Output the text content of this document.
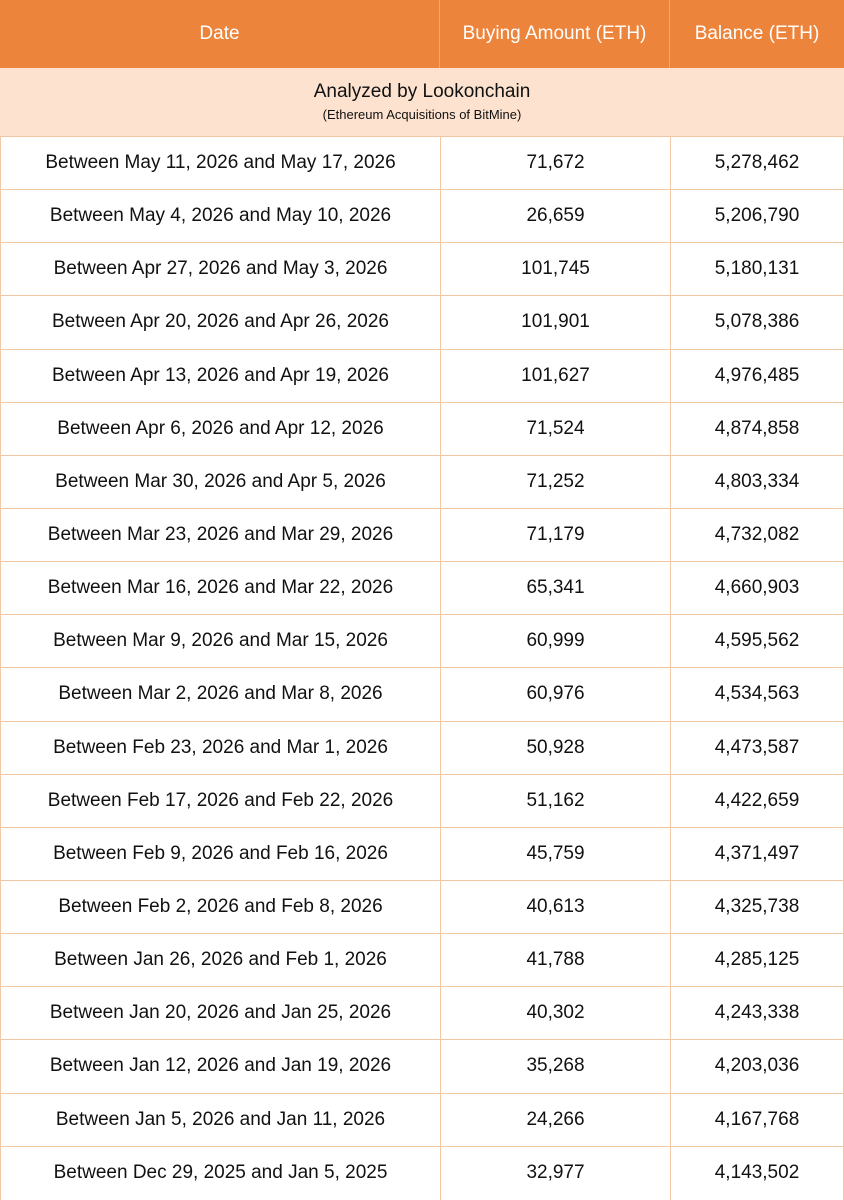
Date	Buying Amount (ETH)	Balance (ETH)
Analyzed by Lookonchain
(Ethereum Acquisitions of BitMine)
Between May 11, 2026 and May 17, 2026	71,672	5,278,462
Between May 4, 2026 and May 10, 2026	26,659	5,206,790
Between Apr 27, 2026 and May 3, 2026	101,745	5,180,131
Between Apr 20, 2026 and Apr 26, 2026	101,901	5,078,386
Between Apr 13, 2026 and Apr 19, 2026	101,627	4,976,485
Between Apr 6, 2026 and Apr 12, 2026	71,524	4,874,858
Between Mar 30, 2026 and Apr 5, 2026	71,252	4,803,334
Between Mar 23, 2026 and Mar 29, 2026	71,179	4,732,082
Between Mar 16, 2026 and Mar 22, 2026	65,341	4,660,903
Between Mar 9, 2026 and Mar 15, 2026	60,999	4,595,562
Between Mar 2, 2026 and Mar 8, 2026	60,976	4,534,563
Between Feb 23, 2026 and Mar 1, 2026	50,928	4,473,587
Between Feb 17, 2026 and Feb 22, 2026	51,162	4,422,659
Between Feb 9, 2026 and Feb 16, 2026	45,759	4,371,497
Between Feb 2, 2026 and Feb 8, 2026	40,613	4,325,738
Between Jan 26, 2026 and Feb 1, 2026	41,788	4,285,125
Between Jan 20, 2026 and Jan 25, 2026	40,302	4,243,338
Between Jan 12, 2026 and Jan 19, 2026	35,268	4,203,036
Between Jan 5, 2026 and Jan 11, 2026	24,266	4,167,768
Between Dec 29, 2025 and Jan 5, 2025	32,977	4,143,502
